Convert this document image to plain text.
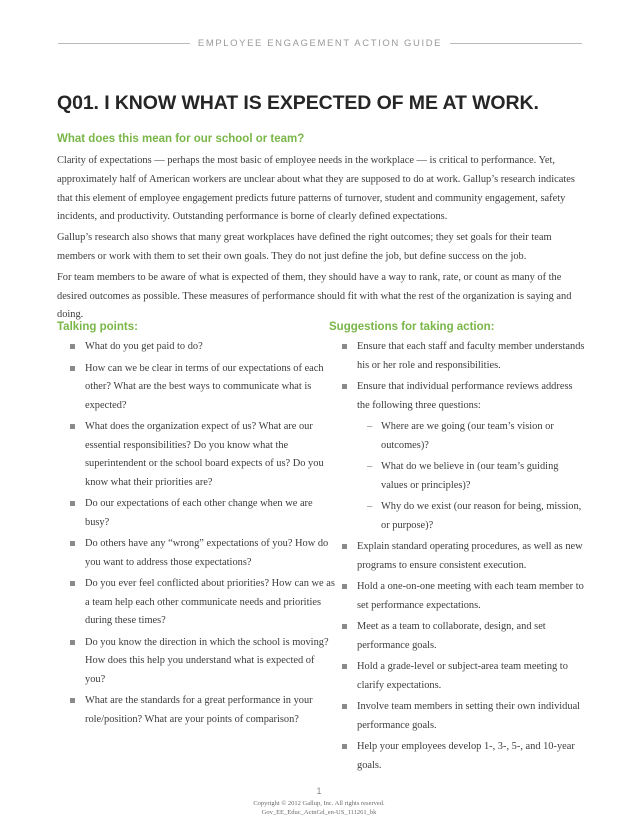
EMPLOYEE ENGAGEMENT ACTION GUIDE
Q01. I KNOW WHAT IS EXPECTED OF ME AT WORK.
What does this mean for our school or team?

Clarity of expectations — perhaps the most basic of employee needs in the workplace — is critical to performance. Yet, approximately half of American workers are unclear about what they are supposed to do at work. Gallup’s research indicates that this element of employee engagement predicts future patterns of turnover, student and community engagement, safety incidents, and productivity. Outstanding performance is borne of clearly defined expectations.

Gallup’s research also shows that many great workplaces have defined the right outcomes; they set goals for their team members or work with them to set their own goals. They do not just define the job, but define success on the job.

For team members to be aware of what is expected of them, they should have a way to rank, rate, or count as many of the desired outcomes as possible. These measures of performance should fit with what the rest of the organization is saying and doing.

Talking points:
What do you get paid to do?
How can we be clear in terms of our expectations of each other? What are the best ways to communicate what is expected?
What does the organization expect of us? What are our essential responsibilities? Do you know what the superintendent or the school board expects of us? Do you know what their priorities are?
Do our expectations of each other change when we are busy?
Do others have any “wrong” expectations of you? How do you want to address those expectations?
Do you ever feel conflicted about priorities? How can we as a team help each other communicate needs and priorities during these times?
Do you know the direction in which the school is moving? How does this help you understand what is expected of you?
What are the standards for a great performance in your role/position? What are your points of comparison?
Suggestions for taking action:
Ensure that each staff and faculty member understands his or her role and responsibilities.
Ensure that individual performance reviews address the following three questions:
– Where are we going (our team’s vision or outcomes)?
– What do we believe in (our team’s guiding values or principles)?
– Why do we exist (our reason for being, mission, or purpose)?
Explain standard operating procedures, as well as new programs to ensure consistent execution.
Hold a one-on-one meeting with each team member to set performance expectations.
Meet as a team to collaborate, design, and set performance goals.
Hold a grade-level or subject-area team meeting to clarify expectations.
Involve team members in setting their own individual performance goals.
Help your employees develop 1-, 3-, 5-, and 10-year goals.
1
Copyright © 2012 Gallup, Inc. All rights reserved.
Gov_EE_Educ_ActnGd_en-US_111261_bk
